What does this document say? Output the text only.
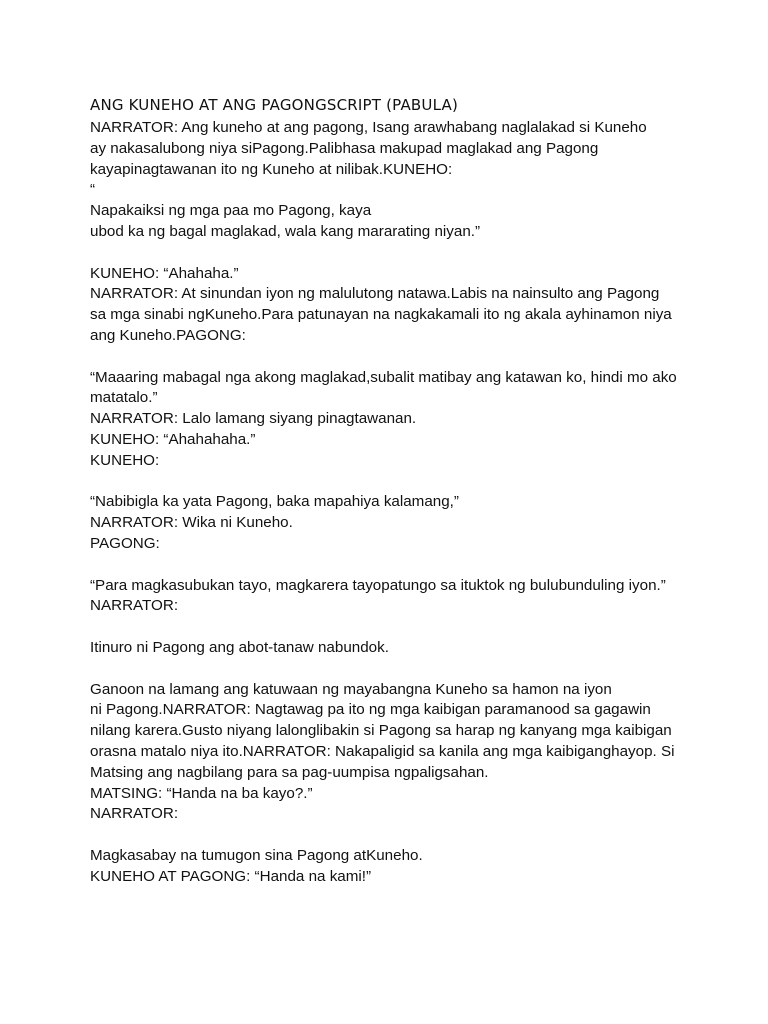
ANG KUNEHO AT ANG PAGONGSCRIPT (PABULA)
NARRATOR: Ang kuneho at ang pagong, Isang arawhabang naglalakad si Kuneho
ay nakasalubong niya siPagong.Palibhasa makupad maglakad ang Pagong
kayapinagtawanan ito ng Kuneho at nilibak.KUNEHO:
“
Napakaiksi ng mga paa mo Pagong, kaya
ubod ka ng bagal maglakad, wala kang mararating niyan.”
KUNEHO: “Ahahaha.”
NARRATOR: At sinundan iyon ng malulutong natawa.Labis na nainsulto ang Pagong
sa mga sinabi ngKuneho.Para patunayan na nagkakamali ito ng akala ayhinamon niya
ang Kuneho.PAGONG:
“Maaaring mabagal nga akong maglakad,subalit matibay ang katawan ko, hindi mo ako
matatalo.”
NARRATOR: Lalo lamang siyang pinagtawanan.
KUNEHO: “Ahahahaha.”
KUNEHO:
“Nabibigla ka yata Pagong, baka mapahiya kalamang,”
NARRATOR: Wika ni Kuneho.
PAGONG:
“Para magkasubukan tayo, magkarera tayopatungo sa ituktok ng bulubunduling iyon.”
NARRATOR:
Itinuro ni Pagong ang abot-tanaw nabundok.
Ganoon na lamang ang katuwaan ng mayabangna Kuneho sa hamon na iyon
ni Pagong.NARRATOR: Nagtawag pa ito ng mga kaibigan paramanood sa gagawin
nilang karera.Gusto niyang lalonglibakin si Pagong sa harap ng kanyang mga kaibigan
orasna matalo niya ito.NARRATOR: Nakapaligid sa kanila ang mga kaibiganghayop. Si
Matsing ang nagbilang para sa pag-uumpisa ngpaligsahan.
MATSING: “Handa na ba kayo?.”
NARRATOR:
Magkasabay na tumugon sina Pagong atKuneho.
KUNEHO AT PAGONG: “Handa na kami!”
